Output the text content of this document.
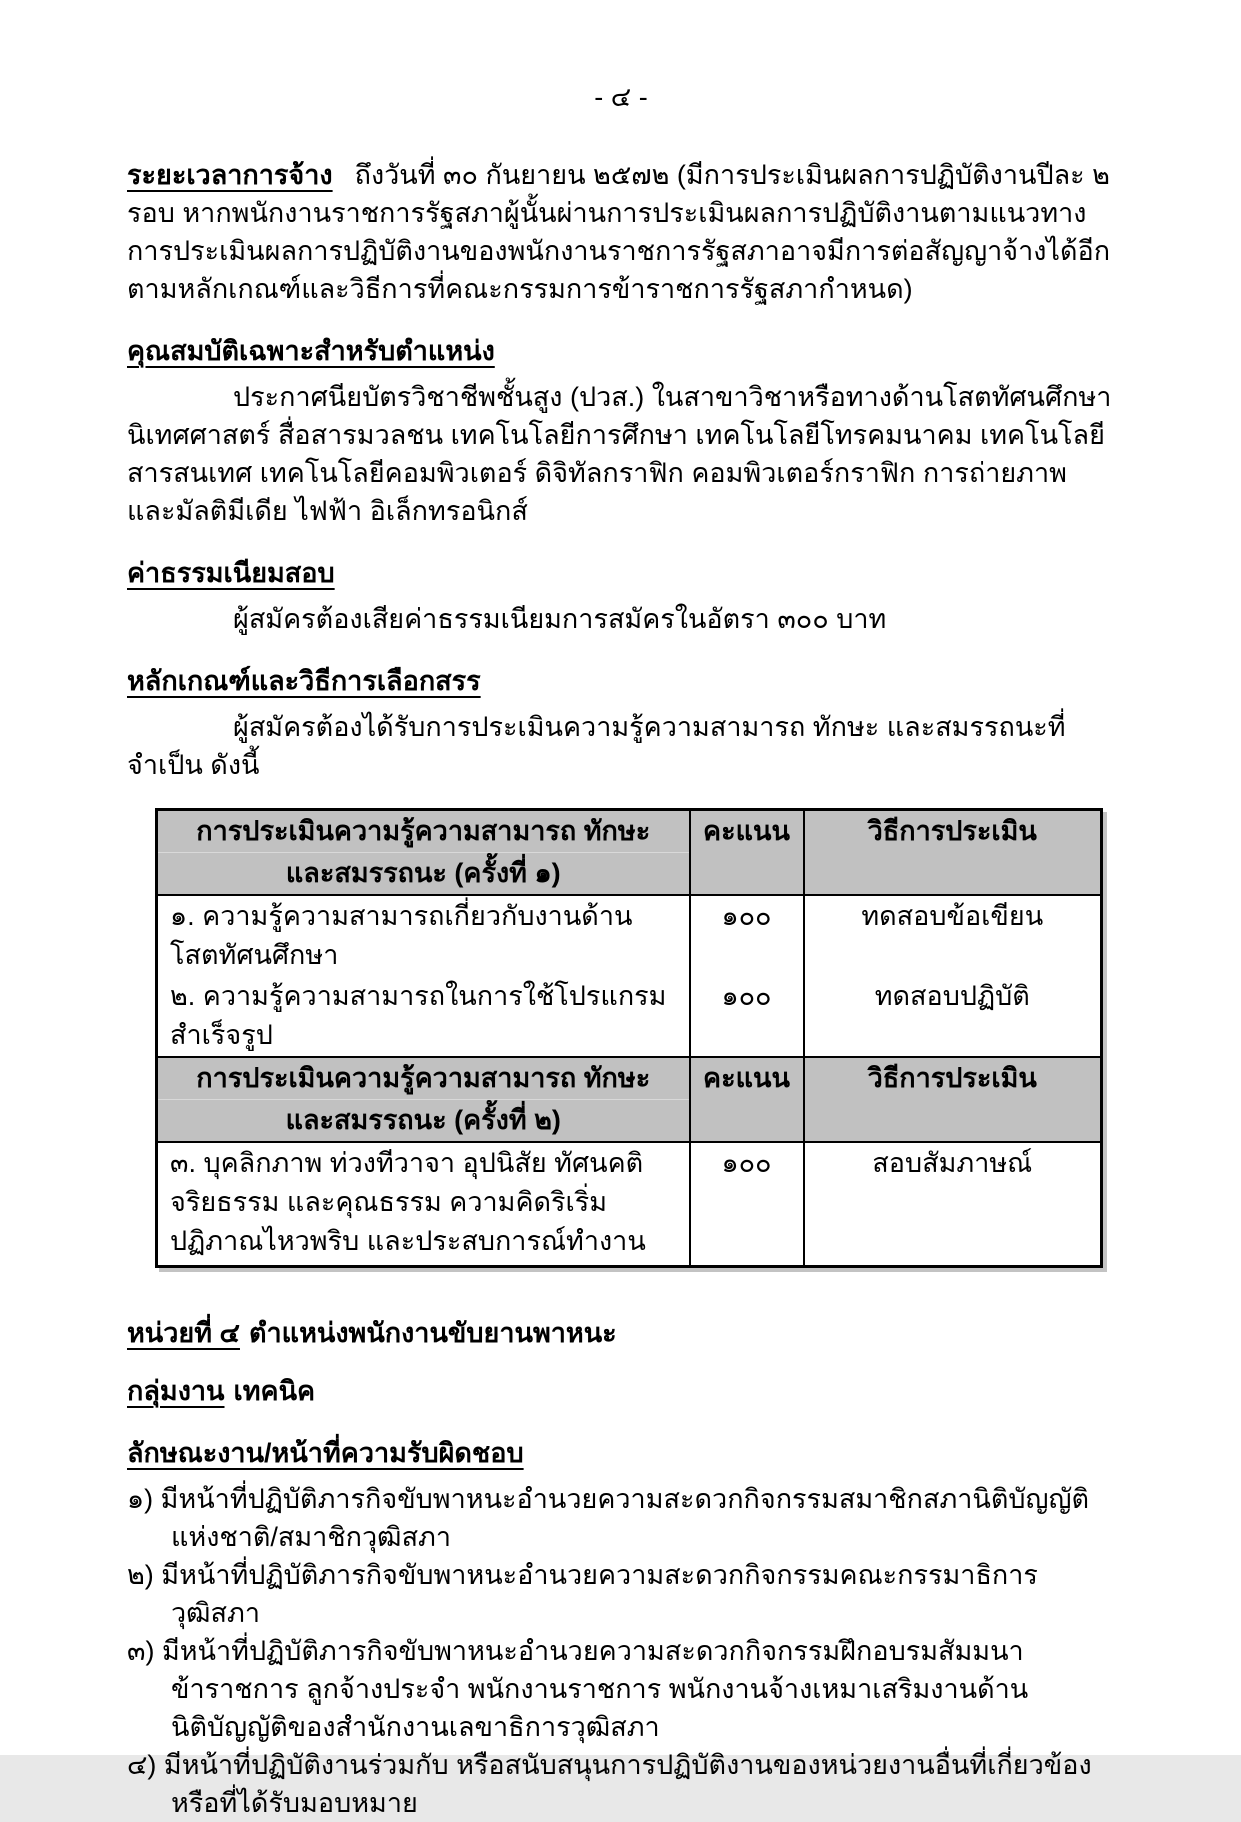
- ๔ -

ระยะเวลาการจ้าง ถึงวันที่ ๓๐ กันยายน ๒๕๗๒ (มีการประเมินผลการปฏิบัติงานปีละ ๒ รอบ หากพนักงานราชการรัฐสภาผู้นั้นผ่านการประเมินผลการปฏิบัติงานตามแนวทางการประเมินผลการปฏิบัติงาน​ของพนักงานราชการรัฐสภาอาจมีการต่อสัญญาจ้างได้อีก ตามหลักเกณฑ์และวิธีการที่คณะกรรมการข้าราชการ​รัฐสภากำหนด)

คุณสมบัติเฉพาะสำหรับตำแหน่ง

ประกาศนียบัตรวิชาชีพชั้นสูง (ปวส.) ในสาขาวิชาหรือทางด้านโสตทัศนศึกษา นิเทศศาสตร์ สื่อสารมวลชน เทคโนโลยีการศึกษา เทคโนโลยีโทรคมนาคม เทคโนโลยีสารสนเทศ เทคโนโลยีคอมพิวเตอร์ ดิจิทัลกราฟิก คอมพิวเตอร์กราฟิก การถ่ายภาพและมัลติมีเดีย ไฟฟ้า อิเล็กทรอนิกส์

ค่าธรรมเนียมสอบ

ผู้สมัครต้องเสียค่าธรรมเนียมการสมัครในอัตรา ๓๐๐ บาท

หลักเกณฑ์และวิธีการเลือกสรร

ผู้สมัครต้องได้รับการประเมินความรู้ความสามารถ ทักษะ และสมรรถนะที่จำเป็น ดังนี้

การประเมินความรู้ความสามารถ ทักษะ	คะแนน	วิธีการประเมิน
และสมรรถนะ (ครั้งที่ ๑)		
๑. ความรู้ความสามารถเกี่ยวกับงานด้านโสตทัศนศึกษา	๑๐๐	ทดสอบข้อเขียน
๒. ความรู้ความสามารถในการใช้โปรแกรมสำเร็จรูป	๑๐๐	ทดสอบปฏิบัติ
การประเมินความรู้ความสามารถ ทักษะ	คะแนน	วิธีการประเมิน
และสมรรถนะ (ครั้งที่ ๒)		
๓. บุคลิกภาพ ท่วงทีวาจา อุปนิสัย ทัศนคติ จริยธรรม และคุณธรรม ความคิดริเริ่ม ปฏิภาณไหวพริบ และประสบการณ์ทำงาน	๑๐๐	สอบสัมภาษณ์

หน่วยที่ ๔ ตำแหน่งพนักงานขับยานพาหนะ

กลุ่มงาน เทคนิค

ลักษณะงาน/หน้าที่ความรับผิดชอบ

๑) มีหน้าที่ปฏิบัติภารกิจขับพาหนะอำนวยความสะดวกกิจกรรมสมาชิกสภานิติบัญญัติแห่งชาติ/สมาชิกวุฒิสภา

๒) มีหน้าที่ปฏิบัติภารกิจขับพาหนะอำนวยความสะดวกกิจกรรมคณะกรรมาธิการวุฒิสภา

๓) มีหน้าที่ปฏิบัติภารกิจขับพาหนะอำนวยความสะดวกกิจกรรมฝึกอบรมสัมมนาข้าราชการ ลูกจ้างประจำ พนักงานราชการ พนักงานจ้างเหมาเสริมงานด้านนิติบัญญัติของสำนักงานเลขาธิการวุฒิสภา

๔) มีหน้าที่ปฏิบัติงานร่วมกับ หรือสนับสนุนการปฏิบัติงานของหน่วยงานอื่นที่เกี่ยวข้องหรือที่ได้รับมอบหมาย
